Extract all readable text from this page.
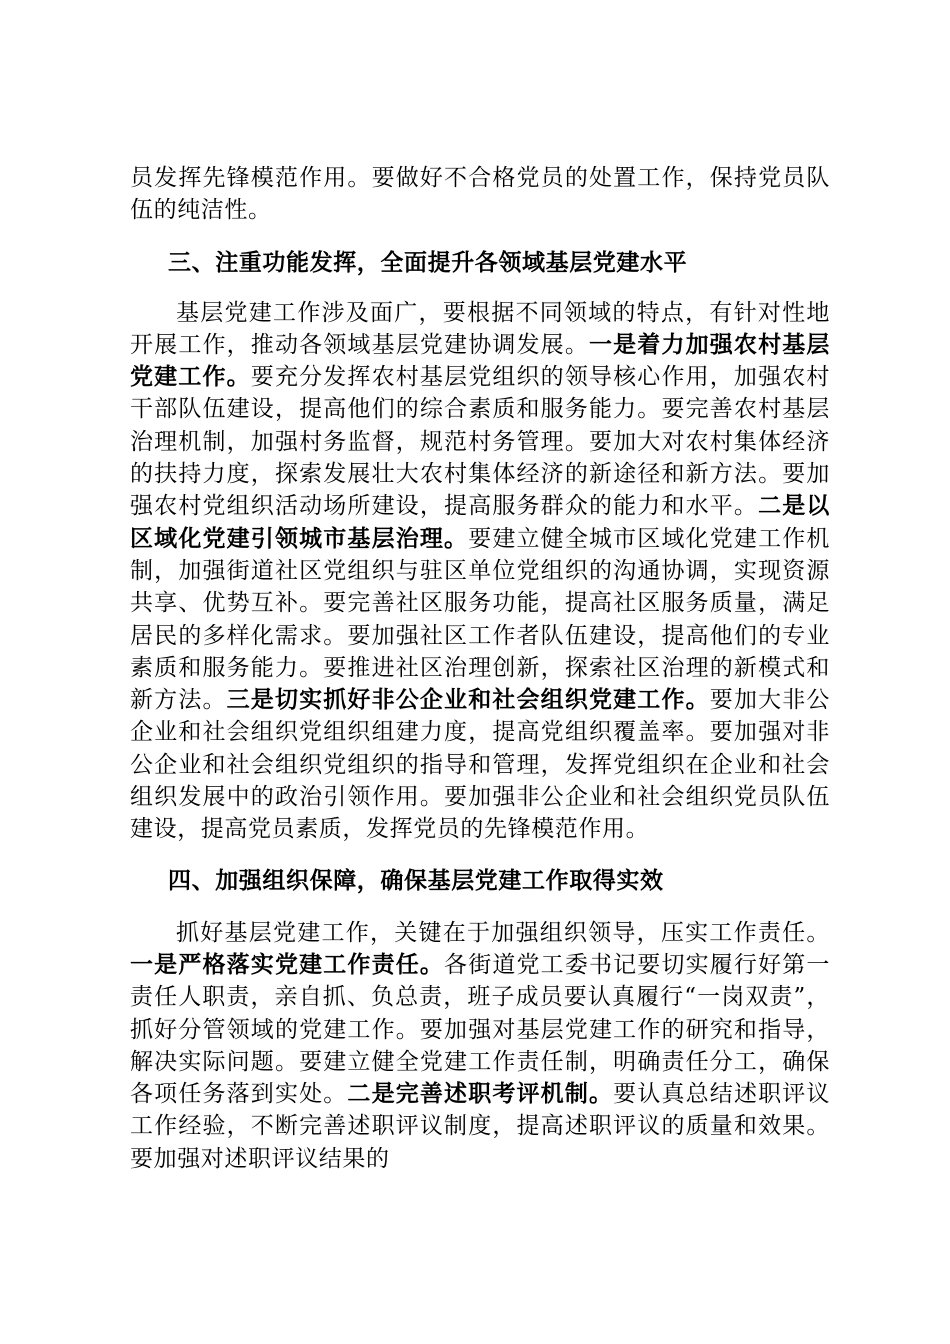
员发挥先锋模范作用。要做好不合格党员的处置工作，保持党员队伍的纯洁性。

三、注重功能发挥，全面提升各领域基层党建水平

基层党建工作涉及面广，要根据不同领域的特点，有针对性地开展工作，推动各领域基层党建协调发展。一是着力加强农村基层党建工作。要充分发挥农村基层党组织的领导核心作用，加强农村干部队伍建设，提高他们的综合素质和服务能力。要完善农村基层治理机制，加强村务监督，规范村务管理。要加大对农村集体经济的扶持力度，探索发展壮大农村集体经济的新途径和新方法。要加强农村党组织活动场所建设，提高服务群众的能力和水平。二是以区域化党建引领城市基层治理。要建立健全城市区域化党建工作机制，加强街道社区党组织与驻区单位党组织的沟通协调，实现资源共享、优势互补。要完善社区服务功能，提高社区服务质量，满足居民的多样化需求。要加强社区工作者队伍建设，提高他们的专业素质和服务能力。要推进社区治理创新，探索社区治理的新模式和新方法。三是切实抓好非公企业和社会组织党建工作。要加大非公企业和社会组织党组织组建力度，提高党组织覆盖率。要加强对非公企业和社会组织党组织的指导和管理，发挥党组织在企业和社会组织发展中的政治引领作用。要加强非公企业和社会组织党员队伍建设，提高党员素质，发挥党员的先锋模范作用。

四、加强组织保障，确保基层党建工作取得实效

抓好基层党建工作，关键在于加强组织领导，压实工作责任。一是严格落实党建工作责任。各街道党工委书记要切实履行好第一责任人职责，亲自抓、负总责，班子成员要认真履行“一岗双责”，抓好分管领域的党建工作。要加强对基层党建工作的研究和指导，解决实际问题。要建立健全党建工作责任制，明确责任分工，确保各项任务落到实处。二是完善述职考评机制。要认真总结述职评议工作经验，不断完善述职评议制度，提高述职评议的质量和效果。要加强对述职评议结果的
